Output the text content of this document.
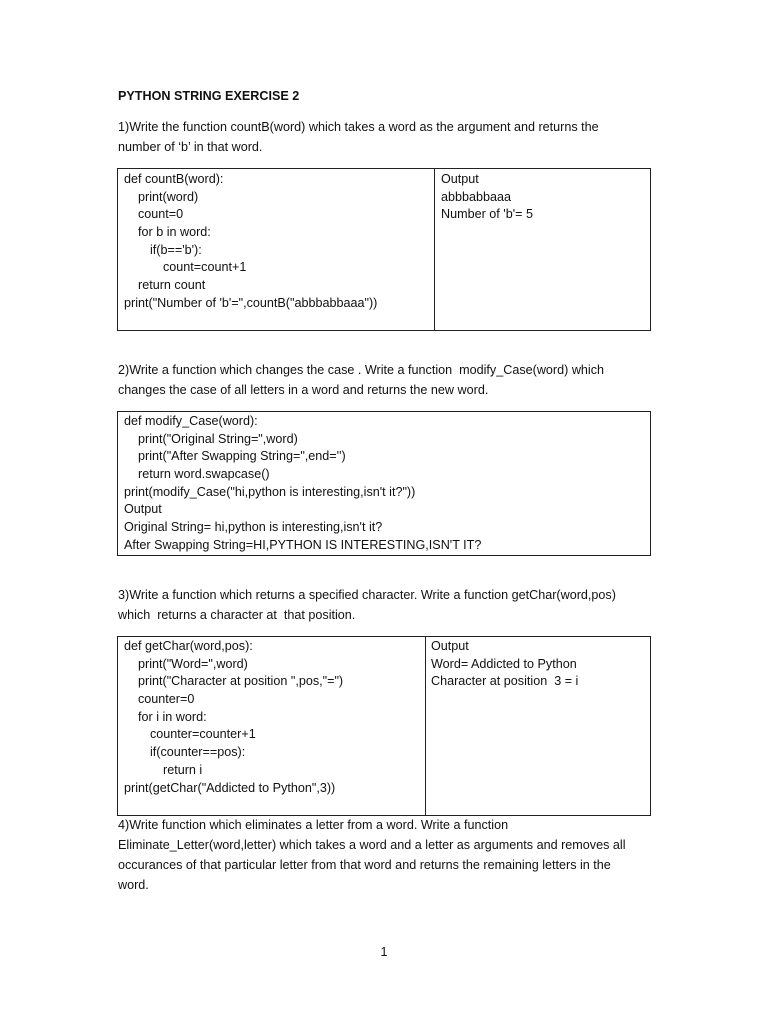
PYTHON STRING EXERCISE 2
1)Write the function countB(word) which takes a word as the argument and returns the
number of ‘b’ in that word.
def countB(word):
print(word)
count=0
for b in word:
if(b=='b'):
count=count+1
return count
print("Number of 'b'=",countB("abbbabbaaa"))
Output
abbbabbaaa
Number of 'b'= 5
2)Write a function which changes the case . Write a function  modify_Case(word) which
changes the case of all letters in a word and returns the new word.
def modify_Case(word):
print("Original String=",word)
print("After Swapping String=",end='')
return word.swapcase()
print(modify_Case("hi,python is interesting,isn't it?"))
Output
Original String= hi,python is interesting,isn't it?
After Swapping String=HI,PYTHON IS INTERESTING,ISN'T IT?
3)Write a function which returns a specified character. Write a function getChar(word,pos)
which  returns a character at  that position.
def getChar(word,pos):
print("Word=",word)
print("Character at position ",pos,"=")
counter=0
for i in word:
counter=counter+1
if(counter==pos):
return i
print(getChar("Addicted to Python",3))
Output
Word= Addicted to Python
Character at position  3 = i
4)Write function which eliminates a letter from a word. Write a function
Eliminate_Letter(word,letter) which takes a word and a letter as arguments and removes all
occurances of that particular letter from that word and returns the remaining letters in the
word.
1
